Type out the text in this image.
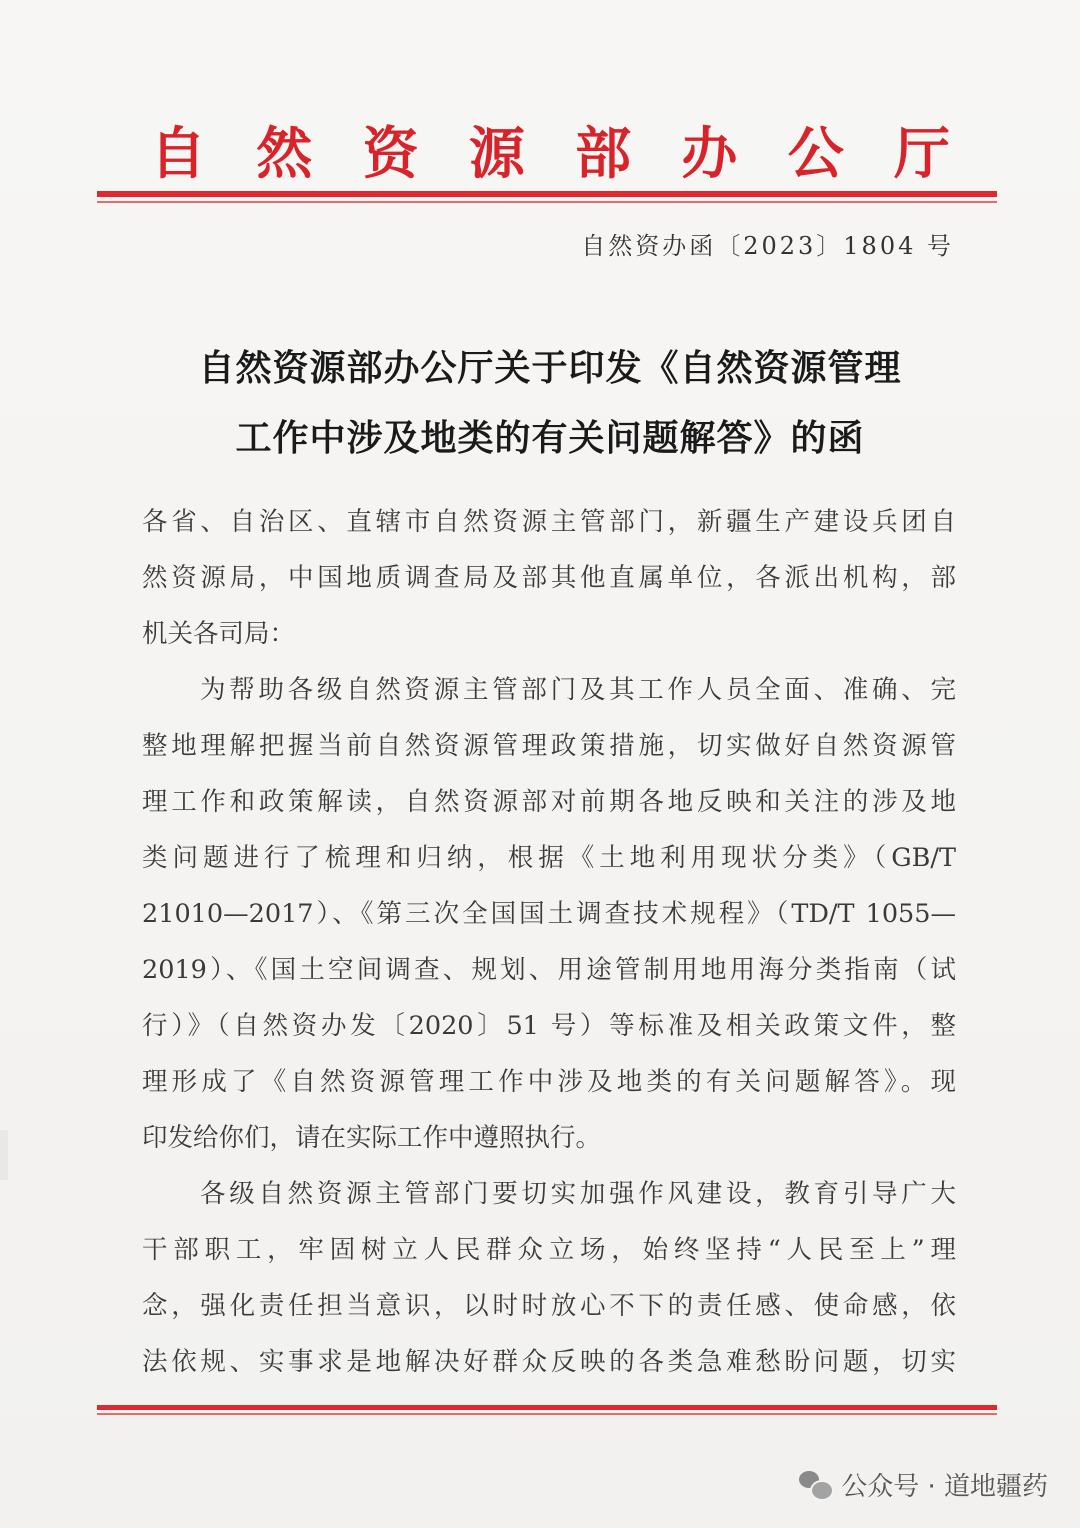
自 然 资 源 部 办 公 厅
自然资办函〔2023〕1804 号
自然资源部办公厅关于印发《自然资源管理
工作中涉及地类的有关问题解答》的函
各省、自治区、直辖市自然资源主管部门，新疆生产建设兵团自
然资源局，中国地质调查局及部其他直属单位，各派出机构，部
机关各司局：
为帮助各级自然资源主管部门及其工作人员全面、准确、完
整地理解把握当前自然资源管理政策措施，切实做好自然资源管
理工作和政策解读，自然资源部对前期各地反映和关注的涉及地
类问题进行了梳理和归纳，根据《土地利用现状分类》（GB/T
21010—2017）、《第三次全国国土调查技术规程》（TD/T 1055—
2019）、《国土空间调查、规划、用途管制用地用海分类指南（试
行）》（自然资办发〔2020〕51 号）等标准及相关政策文件，整
理形成了《自然资源管理工作中涉及地类的有关问题解答》。现
印发给你们，请在实际工作中遵照执行。
各级自然资源主管部门要切实加强作风建设，教育引导广大
干部职工，牢固树立人民群众立场，始终坚持“人民至上”理
念，强化责任担当意识，以时时放心不下的责任感、使命感，依
法依规、实事求是地解决好群众反映的各类急难愁盼问题，切实
公众号 · 道地疆药
